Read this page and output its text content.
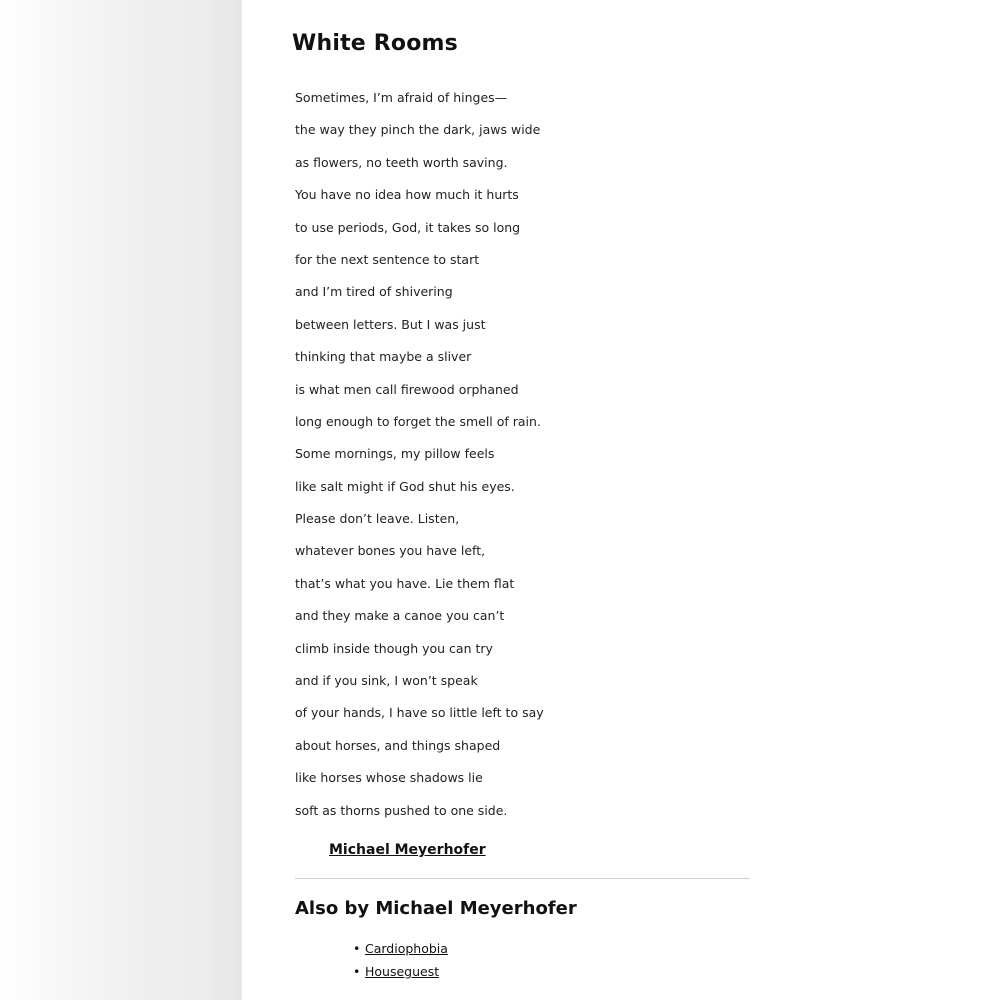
White Rooms

Sometimes, I’m afraid of hinges—

the way they pinch the dark, jaws wide

as flowers, no teeth worth saving.

You have no idea how much it hurts

to use periods, God, it takes so long

for the next sentence to start

and I’m tired of shivering

between letters. But I was just

thinking that maybe a sliver

is what men call firewood orphaned

long enough to forget the smell of rain.

Some mornings, my pillow feels

like salt might if God shut his eyes.

Please don’t leave. Listen,

whatever bones you have left,

that’s what you have. Lie them flat

and they make a canoe you can’t

climb inside though you can try

and if you sink, I won’t speak

of your hands, I have so little left to say

about horses, and things shaped

like horses whose shadows lie

soft as thorns pushed to one side.

Michael Meyerhofer
Also by Michael Meyerhofer
• Cardiophobia
• Houseguest
